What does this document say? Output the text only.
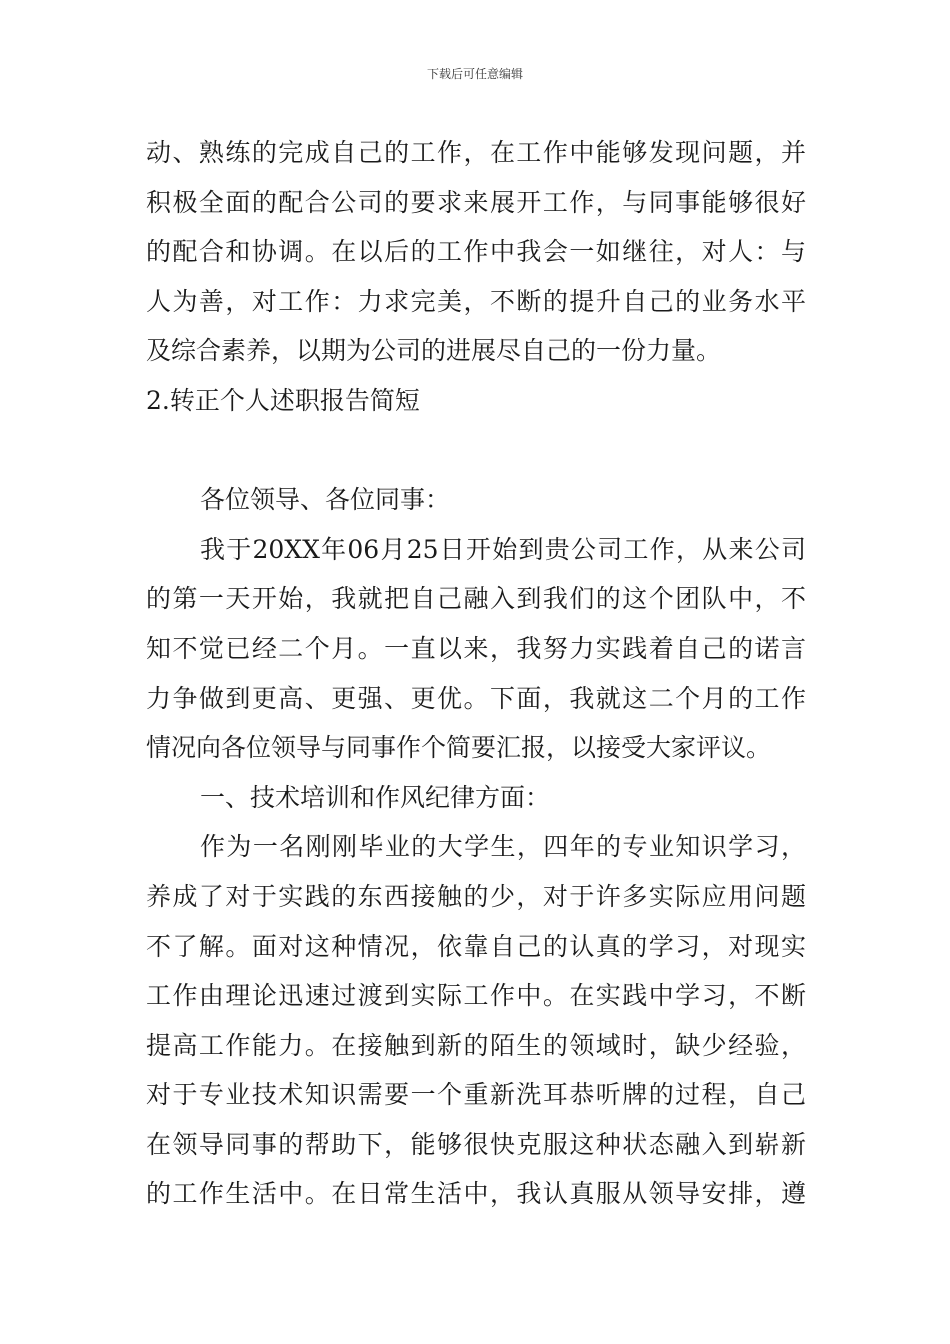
下载后可任意编辑
动、熟练的完成自己的工作，在工作中能够发现问题，并
积极全面的配合公司的要求来展开工作，与同事能够很好
的配合和协调。在以后的工作中我会一如继往，对人：与
人为善，对工作：力求完美，不断的提升自己的业务水平
及综合素养，以期为公司的进展尽自己的一份力量。
2.转正个人述职报告简短
各位领导、各位同事：
我于20XX年06月25日开始到贵公司工作，从来公司
的第一天开始，我就把自己融入到我们的这个团队中，不
知不觉已经二个月。一直以来，我努力实践着自己的诺言
力争做到更高、更强、更优。下面，我就这二个月的工作
情况向各位领导与同事作个简要汇报，以接受大家评议。
一、技术培训和作风纪律方面：
作为一名刚刚毕业的大学生，四年的专业知识学习，
养成了对于实践的东西接触的少，对于许多实际应用问题
不了解。面对这种情况，依靠自己的认真的学习，对现实
工作由理论迅速过渡到实际工作中。在实践中学习，不断
提高工作能力。在接触到新的陌生的领域时，缺少经验，
对于专业技术知识需要一个重新洗耳恭听牌的过程，自己
在领导同事的帮助下，能够很快克服这种状态融入到崭新
的工作生活中。在日常生活中，我认真服从领导安排，遵
